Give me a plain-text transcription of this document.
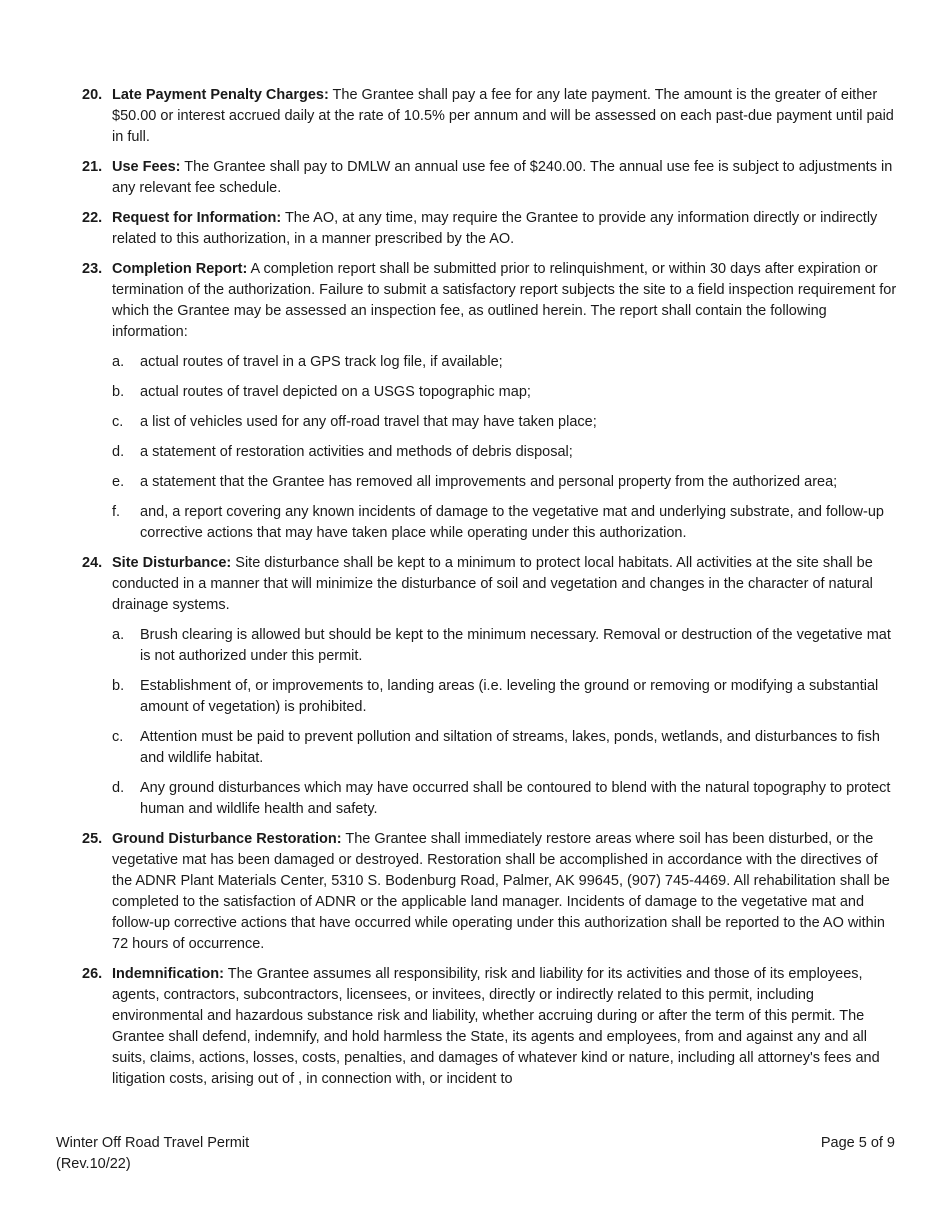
20. Late Payment Penalty Charges: The Grantee shall pay a fee for any late payment. The amount is the greater of either $50.00 or interest accrued daily at the rate of 10.5% per annum and will be assessed on each past-due payment until paid in full.
21. Use Fees: The Grantee shall pay to DMLW an annual use fee of $240.00. The annual use fee is subject to adjustments in any relevant fee schedule.
22. Request for Information: The AO, at any time, may require the Grantee to provide any information directly or indirectly related to this authorization, in a manner prescribed by the AO.
23. Completion Report: A completion report shall be submitted prior to relinquishment, or within 30 days after expiration or termination of the authorization. Failure to submit a satisfactory report subjects the site to a field inspection requirement for which the Grantee may be assessed an inspection fee, as outlined herein. The report shall contain the following information:
a. actual routes of travel in a GPS track log file, if available;
b. actual routes of travel depicted on a USGS topographic map;
c. a list of vehicles used for any off-road travel that may have taken place;
d. a statement of restoration activities and methods of debris disposal;
e. a statement that the Grantee has removed all improvements and personal property from the authorized area;
f. and, a report covering any known incidents of damage to the vegetative mat and underlying substrate, and follow-up corrective actions that may have taken place while operating under this authorization.
24. Site Disturbance: Site disturbance shall be kept to a minimum to protect local habitats. All activities at the site shall be conducted in a manner that will minimize the disturbance of soil and vegetation and changes in the character of natural drainage systems.
a. Brush clearing is allowed but should be kept to the minimum necessary. Removal or destruction of the vegetative mat is not authorized under this permit.
b. Establishment of, or improvements to, landing areas (i.e. leveling the ground or removing or modifying a substantial amount of vegetation) is prohibited.
c. Attention must be paid to prevent pollution and siltation of streams, lakes, ponds, wetlands, and disturbances to fish and wildlife habitat.
d. Any ground disturbances which may have occurred shall be contoured to blend with the natural topography to protect human and wildlife health and safety.
25. Ground Disturbance Restoration: The Grantee shall immediately restore areas where soil has been disturbed, or the vegetative mat has been damaged or destroyed. Restoration shall be accomplished in accordance with the directives of the ADNR Plant Materials Center, 5310 S. Bodenburg Road, Palmer, AK 99645, (907) 745-4469. All rehabilitation shall be completed to the satisfaction of ADNR or the applicable land manager. Incidents of damage to the vegetative mat and follow-up corrective actions that have occurred while operating under this authorization shall be reported to the AO within 72 hours of occurrence.
26. Indemnification: The Grantee assumes all responsibility, risk and liability for its activities and those of its employees, agents, contractors, subcontractors, licensees, or invitees, directly or indirectly related to this permit, including environmental and hazardous substance risk and liability, whether accruing during or after the term of this permit. The Grantee shall defend, indemnify, and hold harmless the State, its agents and employees, from and against any and all suits, claims, actions, losses, costs, penalties, and damages of whatever kind or nature, including all attorney's fees and litigation costs, arising out of , in connection with, or incident to
Winter Off Road Travel Permit
(Rev.10/22)
Page 5 of 9
